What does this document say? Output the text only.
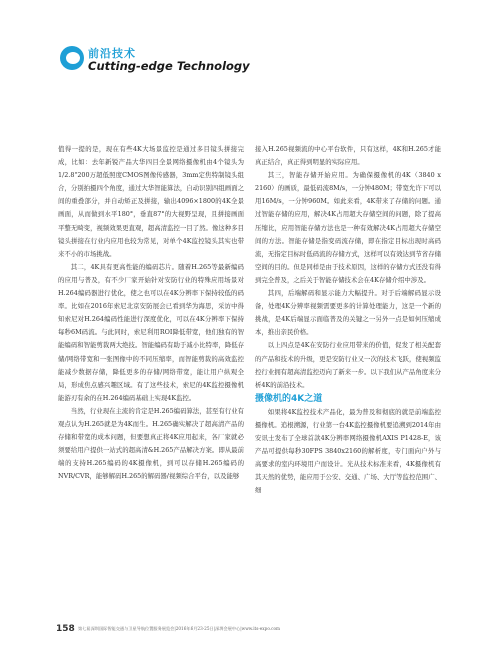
前沿技术
Cutting-edge Technology

值得一提的是，现在有些4K大场景监控是通过多目镜头拼接完成，比如：去年新锐产品大华四目全景网络摄像机由4个镜头为1/2.8"200万超低照度CMOS图像传感器，3mm定焦特制镜头组合，分别拍摄四个角度，通过大华智能算法，自动识别四组画面之间的重叠部分，并自动矫正及拼接，输出4096×1800的4K全景画面，从而做到水平180°，垂直87°的大视野呈现，且拼接画面平整无畸变，视频效果更直观，超高清监控一目了然。像这种多目镜头拼接在行业内应用也较为常见，对单个4K监控镜头其实也带来不小的市场挑战。

其二，4K具有更高性能的编码芯片。随着H.265等最新编码的应用与普及，有不少厂家开始针对安防行业的特殊应用场景对H.264编码器进行优化，使之也可以在4K分辨率下保持较低的码率。比如在2016年索尼北京安防展会已看到华为海思，采访中得知索尼对H.264编码性能进行深度优化，可以在4K分辨率下保持每秒6M码流。与此同时，索尼利用ROI降低带宽，他们独有的智能编码和智能剪裁两大绝技。智能编码有助于减小比特率，降低存储/网络带宽和一张图像中的不同压缩率，而智能剪裁的高效监控能减少数据存储，降低更多的存储/网络带宽，能让用户纵观全局，形成焦点感兴趣区域。有了这些技术，索尼的4K监控摄像机能游刃有余的在H.264编码基础上实现4K监控。

当然，行业现在主流的肯定是H.265编码算法，甚至有行业有观点认为H.265就是为4K而生。H.265确实解决了超高清产品的存储和带宽的成本问题，但要想真正将4K应用起来，各厂家就必须要给用户提供一站式的超高清&H.265产品解决方案。即从最前端的支持H.265编码的4K摄像机，到可以存储H.265编码的NVR/CVR，能够解码H.265的解码器/视频综合平台，以及能够

接入H.265视频流的中心平台软件，只有这样，4K和H.265才能真正结合，真正得到明显的实际应用。

其三，智能存储开始应用。为确保摄像机的4K（3840 x 2160）的画质，最低码流8M/s，一分钟480M；带宽允许下可以用16M/s，一分钟960M。如此来看，4K带来了存储的问题。通过智能存储的应用，解决4K占用超大存储空间的问题，除了提高压缩比，应用智能存储方法也是一种有效解决4K占用超大存储空间的方法。智能存储是指变码流存储，即在指定目标出现时高码流，无指定目标时低码流的存储方式，这样可以有效达到节省存储空间的目的。但是同样是由于技术原因，这样的存储方式还没有得到完全普及，之后关于智能存储技术会在4K存储介绍中涉及。

其四，后端解码和显示能力大幅提升。对于后端解码显示设备，处理4K分辨率视频需要更多的计算处理能力，这是一个新的挑战，是4K后端显示面临普及的关键之一另外一点是如何压缩成本，推出亲民价格。

以上四点是4K在安防行业应用带来的价值，促发了相关配套的产品和技术的升级，更是安防行业又一次的技术飞跃，使视频监控行业拥有超高清监控迈向了新来一步。以下我们从产品角度来分析4K的前沿技术。

摄像机的4K之道

如果将4K监控技术产品化，最为普及和彻底的就是前端监控摄像机。追根溯源，行业第一台4K监控摄像机要追溯到2014年由安讯士发布了全球首款4K分辨率网络摄像机AXIS P1428-E，该产品可提供每秒30FPS 3840x2160的解析度，专门面向户外与高要求的室内环境用户而设计。光从技术标准来看，4K摄像机有其天然的优势，能应用于公安、交通、广场、大厅等监控范围广、细

158 第七届深圳国际智能交通与卫星导航位置服务展览会|2016年6月23-25日|深圳会展中心|www.its-expo.com
